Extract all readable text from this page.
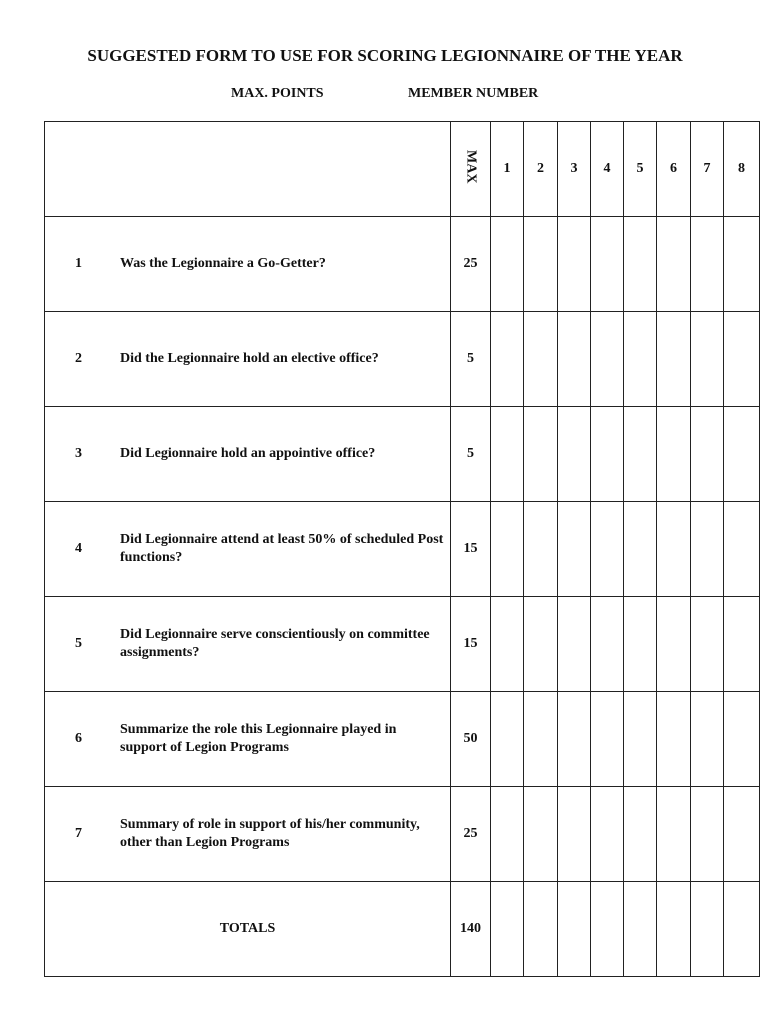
SUGGESTED FORM TO USE FOR SCORING LEGIONNAIRE OF THE YEAR
MAX. POINTS	MEMBER NUMBER
	MAX	1	2	3	4	5	6	7	8

1 Was the Legionnaire a Go-Getter?	25								

2 Did the Legionnaire hold an elective office?	5								

3 Did Legionnaire hold an appointive office?	5								

4
Did Legionnaire attend at least 50% of scheduled Post functions?	15								

5
Did Legionnaire serve conscientiously on committee assignments?	15								

6
Summarize the role this Legionnaire played in support of Legion Programs	50								

7
Summary of role in support of his/her community, other than Legion Programs	25								
TOTALS	140								
